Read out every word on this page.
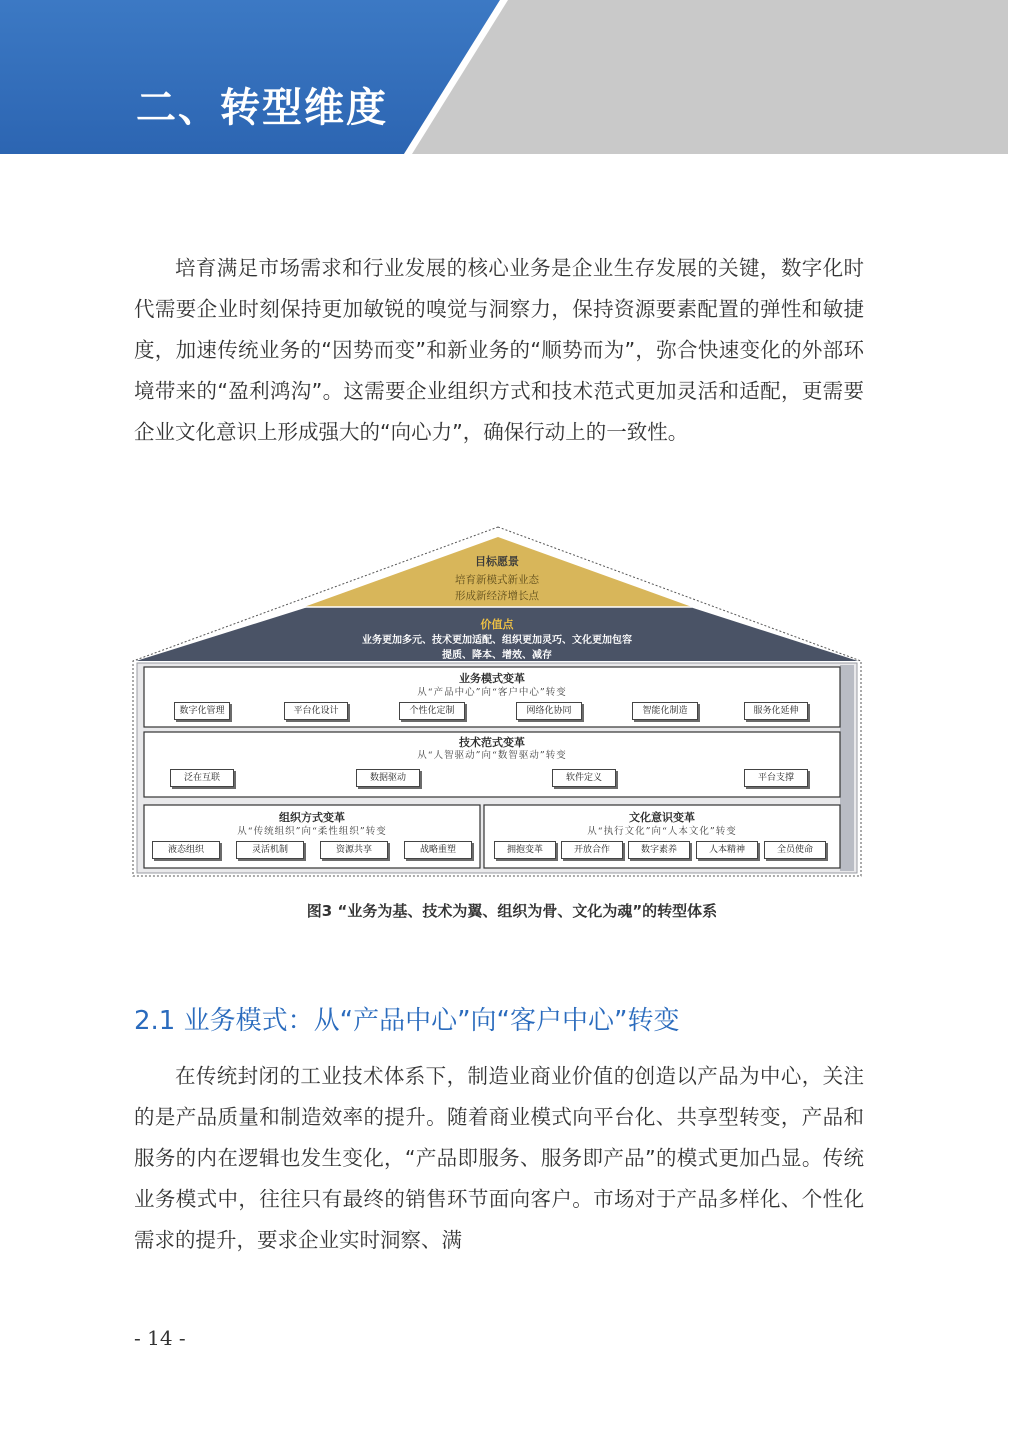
二、转型维度
培育满足市场需求和行业发展的核心业务是企业生存发展的关键，数字化时代需要企业时刻保持更加敏锐的嗅觉与洞察力，保持资源要素配置的弹性和敏捷度，加速传统业务的“因势而变”和新业务的“顺势而为”，弥合快速变化的外部环境带来的“盈利鸿沟”。这需要企业组织方式和技术范式更加灵活和适配，更需要企业文化意识上形成强大的“向心力”，确保行动上的一致性。
目标愿景
培育新模式新业态
形成新经济增长点
价值点
业务更加多元、技术更加适配、组织更加灵巧、文化更加包容
提质、降本、增效、减存
业务模式变革
从“产品中心”向“客户中心”转变
数字化管理	平台化设计	个性化定制	网络化协同	智能化制造	服务化延伸
技术范式变革
从“人智驱动”向“数智驱动”转变
泛在互联	数据驱动	软件定义	平台支撑
组织方式变革
从“传统组织”向“柔性组织”转变
液态组织	灵活机制	资源共享	战略重塑
文化意识变革
从“执行文化”向“人本文化”转变
拥抱变革	开放合作	数字素养	人本精神	全员使命
图3 “业务为基、技术为翼、组织为骨、文化为魂”的转型体系
2.1 业务模式：从“产品中心”向“客户中心”转变
在传统封闭的工业技术体系下，制造业商业价值的创造以产品为中心，关注的是产品质量和制造效率的提升。随着商业模式向平台化、共享型转变，产品和服务的内在逻辑也发生变化，“产品即服务、服务即产品”的模式更加凸显。传统业务模式中，往往只有最终的销售环节面向客户。市场对于产品多样化、个性化需求的提升，要求企业实时洞察、满
- 14 -
